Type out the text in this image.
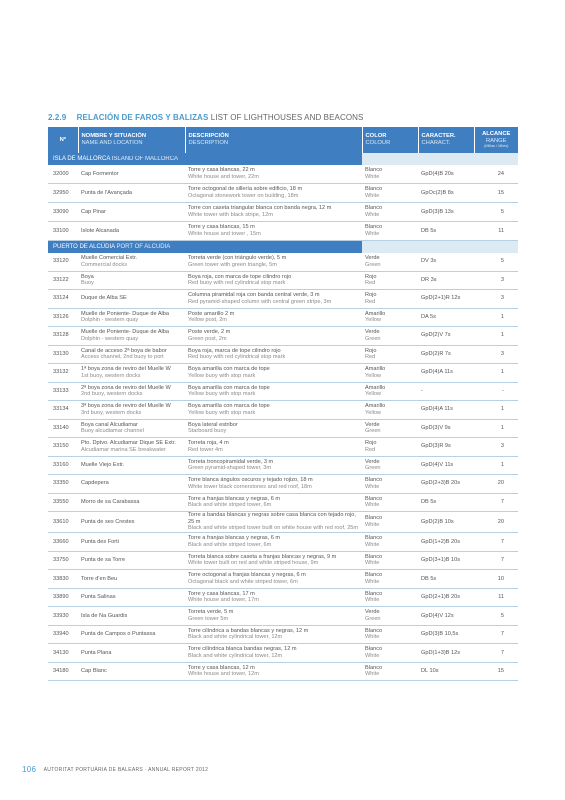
2.2.9 RELACIÓN DE FAROS Y BALIZAS LIST OF LIGHTHOUSES AND BEACONS
Nº	NOMBRE Y SITUACIÓN
NAME AND LOCATION	DESCRIPCIÓN
DESCRIPTION	COLOR
COLOUR	CARACTER.
CHARACT.	ALCANCE
RANGE
(Millas / Miles)

ISLA DE MALLORCA ISLAND OF MALLORCA					
32000	Cap Formentor	Torre y casa blancas, 22 m
White house and tower, 22m	Blanco
White	GpD(4)B 20s	24
32950	Punta de l'Avançada	Torre octogonal de sillería sobre edificio, 18 m
Octagonal stonework tower on building, 18m	Blanco
White	GpOc(2)B 8s	15
33090	Cap Pinar	Torre con caseta triangular blanca con banda negra, 12 m
White tower with black stripe, 12m	Blanco
White	GpD(3)B 13s	5
33100	Islote Alcanada	Torre y casa blancas, 15 m
White house and tower , 15m	Blanco
White	DB 5s	11
PUERTO DE ALCÚDIA PORT OF ALCÚDIA					
33120	Muelle Comercial Extr.
Commercial docks	Torreta verde (con triángulo verde), 5 m
Green tower with green triangle, 5m	Verde
Green	DV 3s	5
33122	Boya
Buoy	Boya roja, con marca de tope cilindro rojo
Red buoy with red cylindrical stop mark	Rojo
Red	DR 3s	3
33124	Duque de Alba SE	Columna piramidal roja con banda central verde, 3 m
Red pyramid-shaped column with central green stripe, 3m	Rojo
Red	GpD(2+1)R 12s	3
33126	Muelle de Poniente- Duque de Alba
Dolphin - western quay	Poste amarillo 2 m
Yellow post, 2m	Amarillo
Yellow	DA 5s	1
33128	Muelle de Poniente- Duque de Alba
Dolphin - western quay	Poste verde, 2 m
Green post, 2m	Verde
Green	GpD(2)V 7s	1
33130	Canal de acceso 2ª boya de babor
Access channel, 2nd buoy to port	Boya roja, marca de tope cilindro rojo
Red buoy with red cylindrical stop mark	Rojo
Red	GpD(2)R 7s	3
33132	1ª boya zona de reviro del Muelle W
1st buoy, western docks	Boya amarilla con marca de tope
Yellow buoy with stop mark	Amarillo
Yellow	GpD(4)A 11s	1
33133	2ª boya zona de reviro del Muelle W
2nd buoy, western docks	Boya amarilla con marca de tope
Yellow buoy with stop mark	Amarillo
Yellow	-	-
33134	3ª boya zona de reviro del Muelle W
3rd buoy, western docks	Boya amarilla con marca de tope
Yellow buoy with stop mark	Amarillo
Yellow	GpD(4)A 11s	1
33140	Boya canal Alcudiamar
Buoy alcudiamar channel	Boya lateral estribor
Starboard buoy	Verde
Green	GpD(3)V 9s	1
33150	Pto. Dptvo. Alcudiamar Dique SE Extr.
Alcudiamar marina SE breakwater	Torreta roja, 4 m
Red tower 4m	Rojo
Red	GpD(3)R 9s	3
33160	Muelle Viejo Extr.	Torreta troncopiramidal verde, 3 m
Green pyramid-shaped tower, 3m	Verde
Green	GpD(4)V 11s	1
33350	Capdepera	Torre blanca ángulos oscuros y tejado rojizo, 18 m
White tower black cornerstones and red roof, 18m	Blanco
White	GpD(2+3)B 20s	20
33550	Morro de sa Carabassa	Torre a franjas blancas y negras, 6 m
Black and white striped tower, 6m	Blanco
White	DB 5s	7
33610	Punta de ses Crestes	Torre a bandas blancas y negras sobre casa blanca con tejado rojo, 25 m
Black and white striped tower built on white house with red roof, 25m	Blanco
White	GpD(2)B 10s	20
33660	Punta des Forti	Torre a franjas blancas y negras, 6 m
Black and white striped tower, 6m	Blanco
White	GpD(1+2)B 20s	7
33750	Punta de sa Torre	Torreta blanca sobre caseta a franjas blancas y negras, 9 m
White tower built on red and white striped house, 9m	Blanco
White	GpD(3+1)B 10s	7
33830	Torre d'en Beu	Torre octogonal a franjas blancas y negras, 6 m
Octagonal black and white striped tower, 6m	Blanco
White	DB 5s	10
33890	Punta Salinas	Torre y casa blancas, 17 m
White house and tower, 17m	Blanco
White	GpD(2+1)B 20s	11
33930	Isla de Na Guardis	Torreta verde, 5 m
Green tower 5m	Verde
Green	GpD(4)V 12s	5
33940	Punta de Campos o Puntassa	Torre cilíndrica a bandas blancas y negras, 12 m
Black and white cylindrical tower, 12m	Blanco
White	GpD(3)B 10,5s	7
34130	Punta Plana	Torre cilíndrica blanca bandas negras, 12 m
Black and white cylindrical tower, 12m	Blanco
White	GpD(1+3)B 12s	7
34180	Cap Blanc	Torre y casa blancas, 12 m
White house and tower, 12m	Blanco
White	DL 10s	15
106 AUTORITAT PORTUÀRIA DE BALEARS · ANNUAL REPORT 2012
